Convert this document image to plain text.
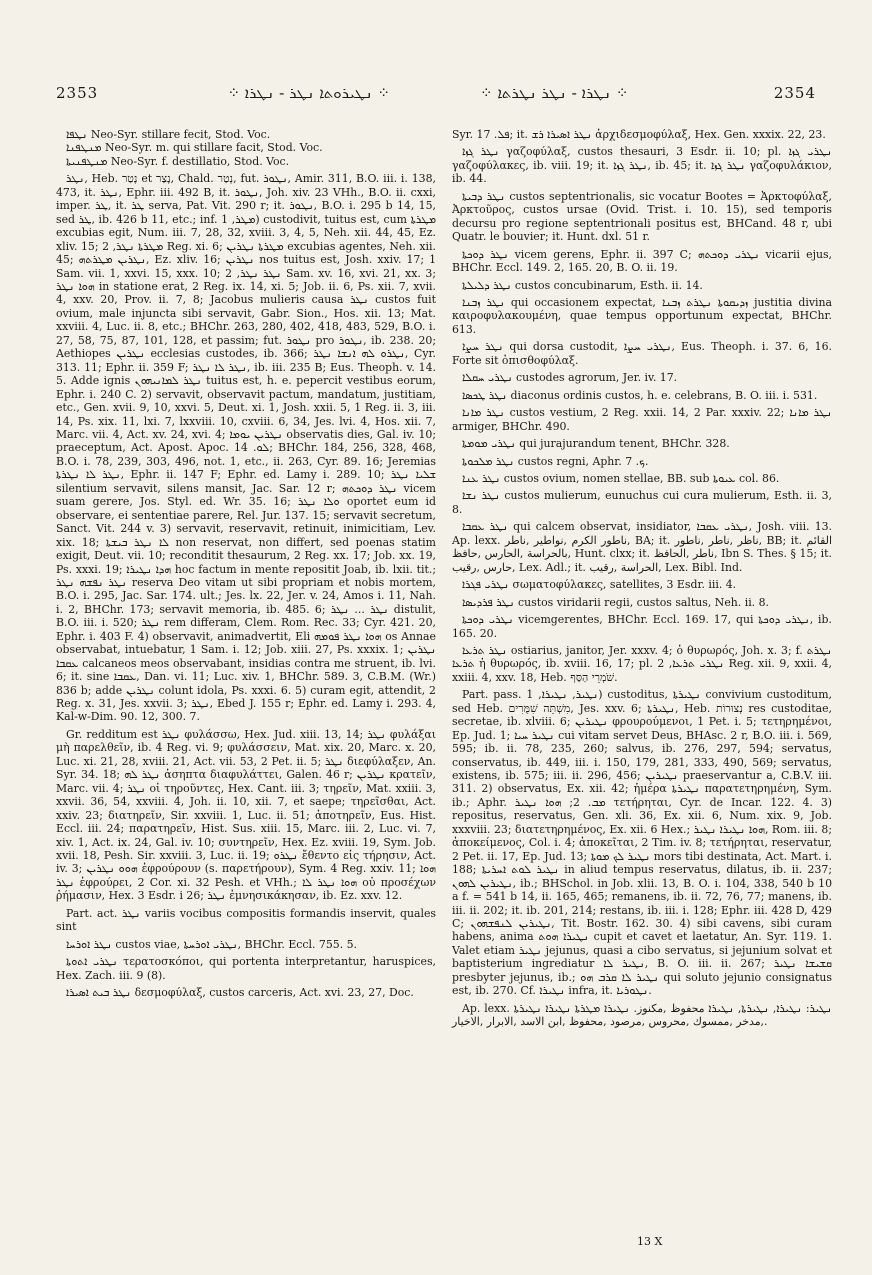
2353	⁘ ܢܛܝܪܘܬܐ ܢܛܪ - ܢܛܪܐ ⁘	⁘ ܢܛܪܐ - ܢܛܪ ܢܛܪܬܐ ⁘	2354

ܢܛܦܐ Neo-Syr. stillare fecit, Stod. Voc.

ܡܢܛܦܢܐ Neo-Syr. m. qui stillare facit, Stod. Voc.

ܡܢܛܦܢܝܬܐ Neo-Syr. f. destillatio, Stod. Voc.

ܢܛܪ, Heb. נָטַר et נָצַר, Chald. נְטַר, fut. ܢܛܘܪ, Amir. 311, B.O. iii. i. 138, 473, it. ܢܛܪ, Ephr. iii. 492 B, it. ܢܛܘܪ, Joh. xiv. 23 VHh., B.O. ii. cxxi, imper. ܛܪ, it. ܛܪ serva, Pat. Vit. 290 r; it. ܢܛܘܪ, B.O. i. 295 b 14, 15, sed ܛܪ, ib. 426 b 11, etc.; inf. ܡܛܪ, 1) custodivit, tuitus est, cum ܡܛܪܬܐ excubias egit, Num. iii. 7, 28, 32, xviii. 3, 4, 5, Neh. xii. 44, 45, Ez. xliv. 15; ܡܛܪܬܐ ܢܛܪ, 2 Reg. xi. 6; ܡܛܪܬܐ ܢܛܪܝܢ excubias agentes, Neh. xii. 45; ܢܛܪܝܢ ܡܛܪܬܗ, Ez. xliv. 16; ܢܛܪܝܢ nos tuitus est, Josh. xxiv. 17; 1 Sam. vii. 1, xxvi. 15, xxx. 10; ܢܛܪ ܢܛܪ, 2 Sam. xv. 16, xvi. 21, xx. 3; ܗܘܐ ܢܛܪ in statione erat, 2 Reg. ix. 14, xi. 5; Job. ii. 6, Ps. xii. 7, xvii. 4, xxv. 20, Prov. ii. 7, 8; Jacobus mulieris causa ܢܛܪ custos fuit ovium, male injuncta sibi servavit, Gabr. Sion., Hos. xii. 13; Mat. xxviii. 4, Luc. ii. 8, etc.; BHChr. 263, 280, 402, 418, 483, 529, B.O. i. 27, 58, 75, 87, 101, 128, et passim; fut. ܢܛܘܪ pro ܢܛܘܪ, ib. 238. 20; Aethiopes ܢܛܪܝܢ ecclesias custodes, ib. 366; ܢܛܪܘ ܠܗ ܐܢܫܐ ܢܛܪ, Cyr. 313. 11; Ephr. ii. 359 F; ܢܛܪ ܠܐ ܢܛܪ, ib. iii. 235 B; Eus. Theoph. v. 14. 5. Adde ignis ܢܛܪ ܠܡܐܢܝܗܘܢ tuitus est, h. e. pepercit vestibus eorum, Ephr. i. 240 C. 2) servavit, observavit pactum, mandatum, justitiam, etc., Gen. xvii. 9, 10, xxvi. 5, Deut. xi. 1, Josh. xxii. 5, 1 Reg. ii. 3, iii. 14, Ps. xix. 11, lxi. 7, lxxviii. 10, cxviii. 6, 34, Jes. lvi. 4, Hos. xii. 7, Marc. vii. 4, Act. xv. 24, xvi. 4; ܢܛܪܝܢ ܝܘܡܐ observatis dies, Gal. iv. 10; praeceptum, Act. Apost. Apoc. ܠܘ. 14; BHChr. 184, 256, 328, 468, B.O. i. 78, 239, 303, 496, not. 1, etc., ii. 263, Cyr. 89. 16; Jeremias ܢܛܪ ܠܐ ܢܛܪܬܐ, Ephr. ii. 147 F; Ephr. ed. Lamy i. 289. 10; ܫܠܝܐ ܢܛܪ silentium servavit, silens mansit, Jac. Sar. 12 r; ܢܛܪ ܕܘܟܬܗ vicem suam gerere, Jos. Styl. ed. Wr. 35. 16; ܘܠܐ ܢܛܪ oportet eum id observare, ei sententiae parere, Rel. Jur. 137. 15; servavit secretum, Sanct. Vit. 244 v. 3) servavit, reservavit, retinuit, inimicitiam, Lev. xix. 18; ܠܐ ܢܛܪ ܒܝܫܬܐ non reservat, non differt, sed poenas statim exigit, Deut. vii. 10; reconditit thesaurum, 2 Reg. xx. 17; Job. xx. 19, Ps. xxxi. 19; ܗܕܐ ܢܛܝܪܐ hoc factum in mente repositit Joab, ib. lxii. tit.; ܢܛܪ ܢܦܫܗ ܢܛܪ reserva Deo vitam ut sibi propriam et nobis mortem, B.O. i. 295, Jac. Sar. 174. ult.; Jes. lx. 22, Jer. v. 24, Amos i. 11, Nah. i. 2, BHChr. 173; servavit memoria, ib. 485. 6; ܢܛܪ ... ܢܛܪ distulit, B.O. iii. i. 520; ܢܛܪ rem differam, Clem. Rom. Rec. 33; Cyr. 421. 20, Ephr. i. 403 F. 4) observavit, animadvertit, Eli ܗܘܐ ܢܛܪ ܦܘܡܗ os Annae observabat, intuebatur, 1 Sam. i. 12; Job. xiii. 27, Ps. xxxix. 1; ܢܛܪܝܢ ܥܩܒܐ calcaneos meos observabant, insidias contra me struent, ib. lvi. 6; it. sine ܥܩܒܐ, Dan. vi. 11; Luc. xiv. 1, BHChr. 589. 3, C.B.M. (Wr.) 836 b; adde ܢܛܪܝܢ colunt idola, Ps. xxxi. 6. 5) curam egit, attendit, 2 Reg. x. 31, Jes. xxvii. 3; ܢܛܪ, Ebed J. 155 r; Ephr. ed. Lamy i. 293. 4, Kal-w-Dim. 90. 12, 300. 7.

Gr. redditum est ܢܛܪ φυλάσσω, Hex. Jud. xiii. 13, 14; ܢܛܪ φυλάξαι μὴ παρελθεῖν, ib. 4 Reg. vi. 9; φυλάσσειν, Mat. xix. 20, Marc. x. 20, Luc. xi. 21, 28, xviii. 21, Act. vii. 53, 2 Pet. ii. 5; ܢܛܪ διεφύλαξεν, An. Syr. 34. 18; ܢܛܪ ܠܗ ἀσηπτα διαφυλάττει, Galen. 46 r; ܢܛܪܝܢ κρατεῖν, Marc. vii. 4; ܢܛܪ οἱ τηροῦντες, Hex. Cant. iii. 3; τηρεῖν, Mat. xxiii. 3, xxvii. 36, 54, xxviii. 4, Joh. ii. 10, xii. 7, et saepe; τηρεῖσθαι, Act. xxiv. 23; διατηρεῖν, Sir. xxviii. 1, Luc. ii. 51; ἀποτηρεῖν, Eus. Hist. Eccl. iii. 24; παρατηρεῖν, Hist. Sus. xiii. 15, Marc. iii. 2, Luc. vi. 7, xiv. 1, Act. ix. 24, Gal. iv. 10; συντηρεῖν, Hex. Ez. xviii. 19, Sym. Job. xvii. 18, Pesh. Sir. xxviii. 3, Luc. ii. 19; ܢܛܪܘ ἔθεντο εἰς τήρησιν, Act. iv. 3; ܗܘܘ ܢܛܪܝܢ ἐφρούρουν (s. παρετήρουν), Sym. 4 Reg. xxiv. 11; ܗܘܐ ܢܛܪ ἐφρούρει, 2 Cor. xi. 32 Pesh. et VHh.; ܗܘܐ ܢܛܪ ܠܐ οὐ προσέχων ῥήμασιν, Hex. 3 Esdr. i 26; ܢܛܪ ἐμνησικάκησαν, ib. Ez. xxv. 12.

Part. act. ܢܛܪ variis vocibus compositis formandis inservit, quales sint

ܢܛܪ ܐܘܪܚܐ custos viae, ܢܛܪܝ ܐܘܪܚܬܐ, BHChr. Eccl. 755. 5.

ܢܛܪܝ ܐܬܘܬܐ τερατοσκόποι, qui portenta interpretantur, haruspices, Hex. Zach. iii. 9 (8).

ܢܛܪ ܒܝܬ ܐܣܝܪܐ δεσμοφύλαξ, custos carceris, Act. xvi. 23, 27, Doc.

Syr. ܦܠ. 17; it. ܢܛܪ ܐܣܝܪܐ ܪܫ ἀρχιδεσμοφύλαξ, Hex. Gen. xxxix. 22, 23.

ܢܛܪ ܓܙܐ γαζοφύλαξ, custos thesauri, 3 Esdr. ii. 10; pl. ܢܛܪܝ ܓܙܐ γαζοφύλακες, ib. viii. 19; it. ܢܛܪ ܓܙܐ, ib. 45; it. ܢܛܪ ܓܙܐ γαζοφυλάκιον, ib. 44.

ܢܛܪ ܕܒܝܬܐ custos septentrionalis, sic vocatur Bootes = Ἀρκτοφύλαξ, Ἀρκτοῦρος, custos ursae (Ovid. Trist. i. 10. 15), sed temporis decursu pro regione septentrionali positus est, BHCand. 48 r, ubi Quatr. le bouvier; it. Hunt. dxl. 51 r.

ܢܛܪ ܕܘܟܬܐ vicem gerens, Ephr. ii. 397 C; ܢܛܪܝ ܕܘܟܬܗ vicarii ejus, BHChr. Eccl. 149. 2, 165. 20, B. O. ii. 19.

ܢܛܪ ܕܠܝܠܬܐ custos concubinarum, Esth. ii. 14.

ܢܛܪ ܙܒܢܐ qui occasionem expectat, ܙܕܝܩܘܬܐ ܢܛܪܬ ܙܒܢܐ justitia divina καιροφυλακουμένη, quae tempus opportunum expectat, BHChr. 613.

ܢܛܪ ܚܨܐ qui dorsa custodit, ܢܛܪܝ ܚܨܐ, Eus. Theoph. i. 37. 6, 16. Forte sit ὀπισθοφύλαξ.

ܢܛܪܝ ܚܩܠܐ custodes agrorum, Jer. iv. 17.

ܢܛܪ ܛܟܣܐ diaconus ordinis custos, h. e. celebrans, B. O. iii. i. 531.

ܢܛܪ ܡܐܢܐ custos vestium, 2 Reg. xxii. 14, 2 Par. xxxiv. 22; ܢܛܪ ܡܐܢܐ armiger, BHChr. 490.

ܢܛܪܝ ܡܘܡܬܐ qui jurajurandum tenent, BHChr. 328.

ܢܛܪ ܡܠܟܘܬܐ custos regni, Aphr. ܟ. 7.

ܢܛܪ ܥܢܐ custos ovium, nomen stellae, BB. sub ܥܝܘܬܐ col. 86.

ܢܛܪ ܢܫܐ custos mulierum, eunuchus cui cura mulierum, Esth. ii. 3, 8.

ܢܛܪ ܥܩܒܐ qui calcem observat, insidiator, ܢܛܪܝ ܥܩܒܐ, Josh. viii. 13. Ap. lexx. ناطور الكرم ,نواطير ,ناطر, BA; it. ناظر ,ناطر ,ناطور, BB; it. القائم بالحراسة ,الحارس ,حافظ, Hunt. clxx; it. ناطر ,الحافظ, Ibn S. Thes. § 15; it. حارس ,رقيب, Lex. Adl.; it. الحراسة ,رقيب, Lex. Bibl. Ind.

ܢܛܪܝ ܦܓܪܐ σωματοφύλακες, satellites, 3 Esdr. iii. 4.

ܢܛܪ ܦܪܕܝܣܐ custos viridarii regii, custos saltus, Neh. ii. 8.

ܢܛܪܝ ܕܘܟܬܐ vicemgerentes, BHChr. Eccl. 169. 17, qui ܢܛܪܝ ܕܘܟܬܐ, ib. 165. 20.

ܢܛܪ ܬܪܥܐ ostiarius, janitor, Jer. xxxv. 4; ὁ θυρωρός, Joh. x. 3; f. ܢܛܪܬ ܬܪܥܐ ἡ θυρωρός, ib. xviii. 16, 17; pl. ܢܛܪܝ ܬܪܥܐ, 2 Reg. xii. 9, xxii. 4, xxiii. 4, xxv. 18, Heb. שֹׁמְרֵי הַסַּף.

Part. pass. ܢܛܝܪ, ܢܛܝܪܐ, 1) custoditus, ܢܛܝܪܬܐ convivium custoditum, sed Heb. מִשְׁתֵּה שִׁמֻּרִים, Jes. xxv. 6; ܢܛܝܪܬܐ, Heb. נְצוּרוֹת res custoditae, secretae, ib. xlviii. 6; ܢܛܝܪܝܢ φρουρούμενοι, 1 Pet. i. 5; τετηρημένοι, Ep. Jud. 1; ܢܛܝܪ ܚܝܐ cui vitam servet Deus, BHAsc. 2 r, B.O. iii. i. 569, 595; ib. ii. 78, 235, 260; salvus, ib. 276, 297, 594; servatus, conservatus, ib. 449, iii. i. 150, 179, 281, 333, 490, 569; servatus, existens, ib. 575; iii. ii. 296, 456; ܢܛܝܪܝܢ praeservantur a, C.B.V. iii. 311. 2) observatus, Ex. xii. 42; ἡμέρα ܢܛܝܪܬܐ παρατετηρημένη, Sym. ib.; Aphr. ܡܒ. 2; ܗܘܐ ܢܛܝܪ τετήρηται, Cyr. de Incar. 122. 4. 3) repositus, reservatus, Gen. xli. 36, Ex. xii. 6, Num. xix. 9, Job. xxxviii. 23; διατετηρημένος, Ex. xii. 6 Hex.; ܗܘܐ ܢܛܝܪܐ ܢܛܝܪ, Rom. iii. 8; ἀποκείμενος, Col. i. 4; ἀποκεῖται, 2 Tim. iv. 8; τετήρηται, reservatur, 2 Pet. ii. 17, Ep. Jud. 13; ܢܛܝܪ ܠܟ ܡܘܬܐ mors tibi destinata, Act. Mart. i. 188; ܢܛܝܪ ܠܘܬ ܐܚܪܝܬܐ in aliud tempus reservatus, dilatus, ib. ii. 237; ܢܛܝܪܝܢ ܠܗܘܢ, ib.; BHSchol. in Job. xlii. 13, B. O. i. 104, 338, 540 b 10 a f. = 541 b 14, ii. 165, 465; remanens, ib. ii. 72, 76, 77; manens, ib. iii. ii. 202; it. ib. 201, 214; restans, ib. iii. i. 128; Ephr. iii. 428 D, 429 C; ܢܛܝܪܝܢ ܠܢܦܫܗܘܢ, Tit. Bostr. 162. 30. 4) sibi cavens, sibi curam habens, anima ܢܛܝܪܐ ܗܘܬ cupit et cavet et laetatur, An. Syr. 119. 1. Valet etiam ܢܛܝܪ jejunus, quasi a cibo servatus, si jejunium solvat et baptisterium ingrediatur ܢܛܝܪ ܠܐ, B. O. iii. ii. 267; ܩܫܝܫܐ ܢܛܝܪ presbyter jejunus, ib.; ܢܛܝܪ ܠܐ ܩܪܒ ܗܘ qui soluto jejunio consignatus est, ib. 270. Cf. ܢܛܝܪܐ infra, it. ܢܛܘܪܝܐ.

Ap. lexx. ܢܛܝܪ: ܢܛܝܪܐ, ܢܛܝܪܬܐ, ܢܛܝܪܐ محفوظ ,مكنوز. ܢܛܝܪܐ ܡܛܪܬܐ ܢܛܝܪܐ ܢܛܝܪܬܐ ,مدخر ,ممسوك ,محروس ,مرصود ,محفوظ ,ابن الاسد ,الابرار ,الاخيار.

13 X
